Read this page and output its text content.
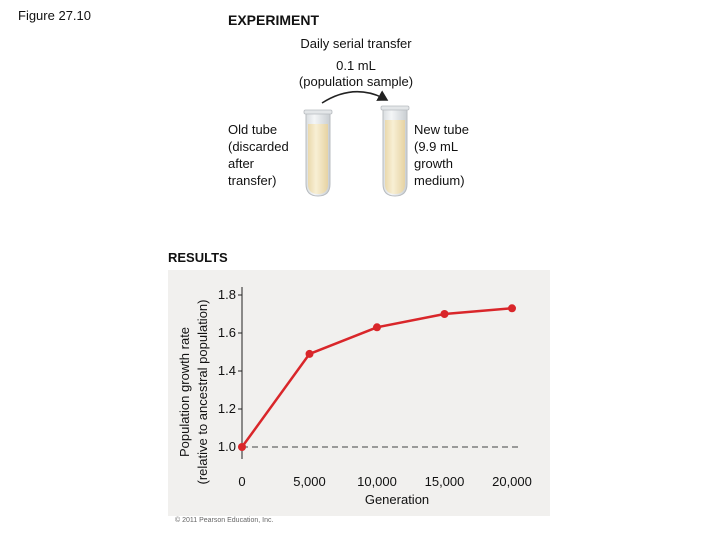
Figure 27.10	EXPERIMENT
Daily serial transfer
0.1 mL
(population sample)
Old tube
(discarded
after
transfer)
New tube
(9.9 mL
growth
medium)
RESULTS
1.0
1.2
1.4
1.6
1.8
0	5,000 10,000 15,000 20,000
Generation
Population growth rate (relative to ancestral population)
© 2011 Pearson Education, Inc.
